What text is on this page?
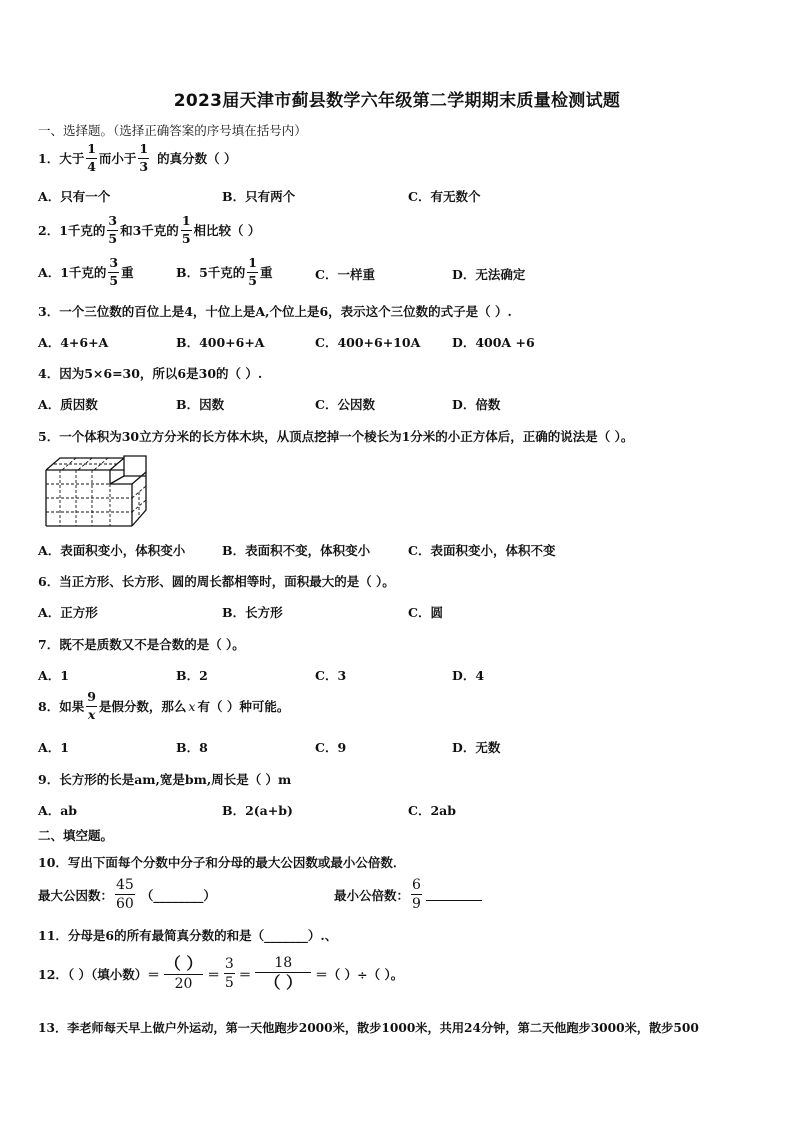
2023届天津市蓟县数学六年级第二学期期末质量检测试题
一、选择题。（选择正确答案的序号填在括号内）
1．大于 $\frac{1}{4}$ 而小于 $\frac{1}{3}$ 的真分数（ ）
A．只有一个	B．只有两个	C．有无数个
2．1千克的 $\frac{3}{5}$ 和3千克的 $\frac{1}{5}$ 相比较（ ）
A．1千克的 $\frac{3}{5}$ 重	B．5千克的 $\frac{1}{5}$ 重	C．一样重	D．无法确定
3．一个三位数的百位上是4，十位上是A,个位上是6，表示这个三位数的式子是（ ）.
A．4+6+A	B．400+6+A	C．400+6+10A	D．400A +6
4．因为5×6=30，所以6是30的（ ）.
A．质因数	B．因数	C．公因数	D．倍数
5．一个体积为30立方分米的长方体木块，从顶点挖掉一个棱长为1分米的小正方体后，正确的说法是（ ）。
A．表面积变小，体积变小	B．表面积不变，体积变小	C．表面积变小，体积不变
6．当正方形、长方形、圆的周长都相等时，面积最大的是（ ）。
A．正方形	B．长方形	C．圆
7．既不是质数又不是合数的是（ ）。
A．1	B．2	C．3	D．4
8．如果 $\frac{9}{x}$ 是假分数，那么 x 有（ ）种可能。
A．1	B．8	C．9	D．无数
9．长方形的长是am,宽是bm,周长是（ ）m
A．ab	B．2(a+b)	C．2ab
二、填空题。
10．写出下面每个分数中分子和分母的最大公因数或最小公倍数．
最大公因数： $\frac{45}{60}$ （________）	最小公倍数： $\frac{6}{9}$
11．分母是6的所有最简真分数的和是（_______）.、
12．（ ）（填小数）＝ $\frac{( )}{20} = \frac{3}{5} = \frac{18}{( )}$ ＝（ ）÷（ ）。
13．李老师每天早上做户外运动，第一天他跑步2000米，散步1000米，共用24分钟，第二天他跑步3000米，散步500
